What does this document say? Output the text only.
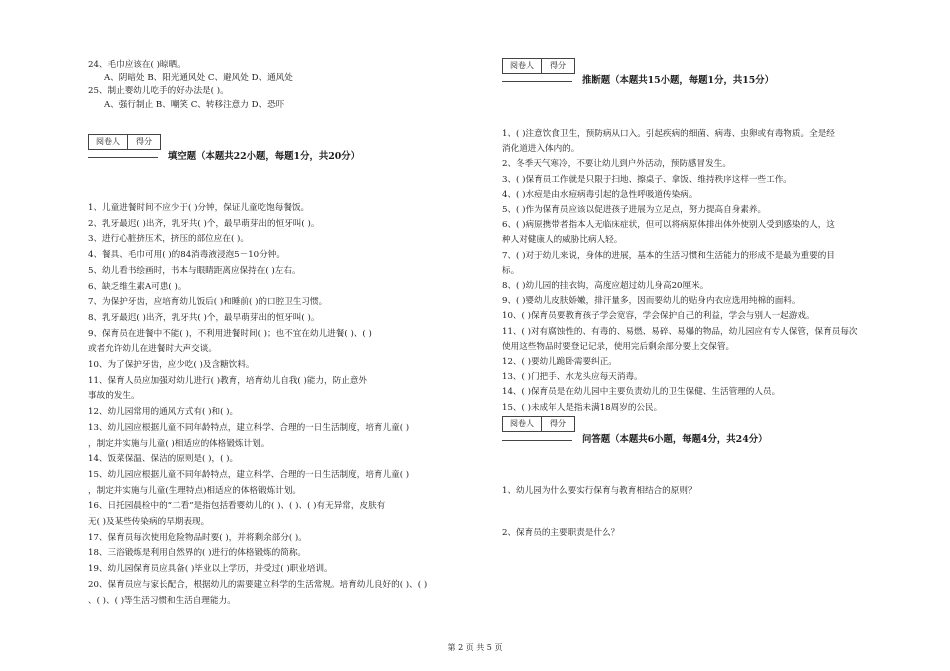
24、毛巾应该在( )晾晒。
A、阴暗处 B、阳光通风处 C、避风处 D、通风处
25、制止婴幼儿吃手的好办法是( )。
A、强行制止 B、嘲笑 C、转移注意力 D、恐吓
阅卷人	得分
填空题（本题共22小题，每题1分，共20分）
1、儿童进餐时间不应少于( )分钟，保证儿童吃饱每餐饭。
2、乳牙最迟( )出齐，乳牙共( )个，最早萌芽出的恒牙叫( )。
3、进行心脏挤压术，挤压的部位应在( )。
4、餐具、毛巾可用( )的84消毒液浸泡5－10分钟。
5、幼儿看书绘画时，书本与眼睛距离应保持在( )左右。
6、缺乏维生素A可患( )。
7、为保护牙齿，应培育幼儿饭后( )和睡前( )的口腔卫生习惯。
8、乳牙最迟( )出齐，乳牙共( )个，最早萌芽出的恒牙叫( )。
9、保育员在进餐中不能( )，不利用进餐时间( )；也不宜在幼儿进餐( )、( )
或者允许幼儿在进餐时大声交谈。
10、为了保护牙齿，应少吃( )及含糖饮料。
11、保育人员应加强对幼儿进行( )教育，培育幼儿自我( )能力，防止意外
事故的发生。
12、幼儿园常用的通风方式有( )和( )。
13、幼儿园应根据儿童不同年龄特点，建立科学、合理的一日生活制度，培育儿童( )
，制定并实施与儿童( )相适应的体格锻炼计划。
14、饭菜保温、保洁的原则是( )，( )。
15、幼儿园应根据儿童不同年龄特点，建立科学、合理的一日生活制度，培育儿童( )
，制定并实施与儿童(生理特点)相适应的体格锻炼计划。
16、日托园晨检中的“二看”是指包括看婴幼儿的( )、( )、( )有无异常，皮肤有
无( )及某些传染病的早期表现。
17、保育员每次使用危险物品时要( )，并将剩余部分( )。
18、三浴锻炼是利用自然界的( )进行的体格锻炼的简称。
19、幼儿园保育员应具备( )毕业以上学历，并受过( )职业培训。
20、保育员应与家长配合，根据幼儿的需要建立科学的生活常规。培育幼儿良好的( )、( )
、( )、( )等生活习惯和生活自理能力。
阅卷人	得分
推断题（本题共15小题，每题1分，共15分）
1、( )注意饮食卫生，预防病从口入。引起疾病的细菌、病毒、虫卵或有毒物质。全是经
消化道进入体内的。
2、冬季天气寒冷，不要让幼儿到户外活动，预防感冒发生。
3、( )保育员工作就是只限于扫地、擦桌子、拿饭、维持秩序这样一些工作。
4、( )水痘是由水痘病毒引起的急性呼吸道传染病。
5、( )作为保育员应该以促进孩子进展为立足点，努力提高自身素养。
6、( )病原携带者指本人无临床症状，但可以将病原体排出体外使别人受到感染的人，这
种人对健康人的威胁比病人轻。
7、( )对于幼儿来说，身体的进展，基本的生活习惯和生活能力的形成不是最为重要的目
标。
8、( )幼儿园的挂衣钩，高度应超过幼儿身高20厘米。
9、( )婴幼儿皮肤娇嫩，排汗量多，因而要幼儿的贴身内衣应选用纯棉的面料。
10、( )保育员要教育孩子学会宽容，学会保护自己的利益，学会与别人一起游戏。
11、( )对有腐蚀性的、有毒的、易燃、易碎、易爆的物品，幼儿园应有专人保管，保育员每次
使用这些物品时要登记记录，使用完后剩余部分要上交保管。
12、( )要幼儿跪卧需要纠正。
13、( )门把手、水龙头应每天消毒。
14、( )保育员是在幼儿园中主要负责幼儿的卫生保健、生活管理的人员。
15、( )未成年人是指未满18周岁的公民。
阅卷人	得分
问答题（本题共6小题，每题4分，共24分）
1、幼儿园为什么要实行保育与教育相结合的原则？
2、保育员的主要职责是什么？
第 2 页 共 5 页
